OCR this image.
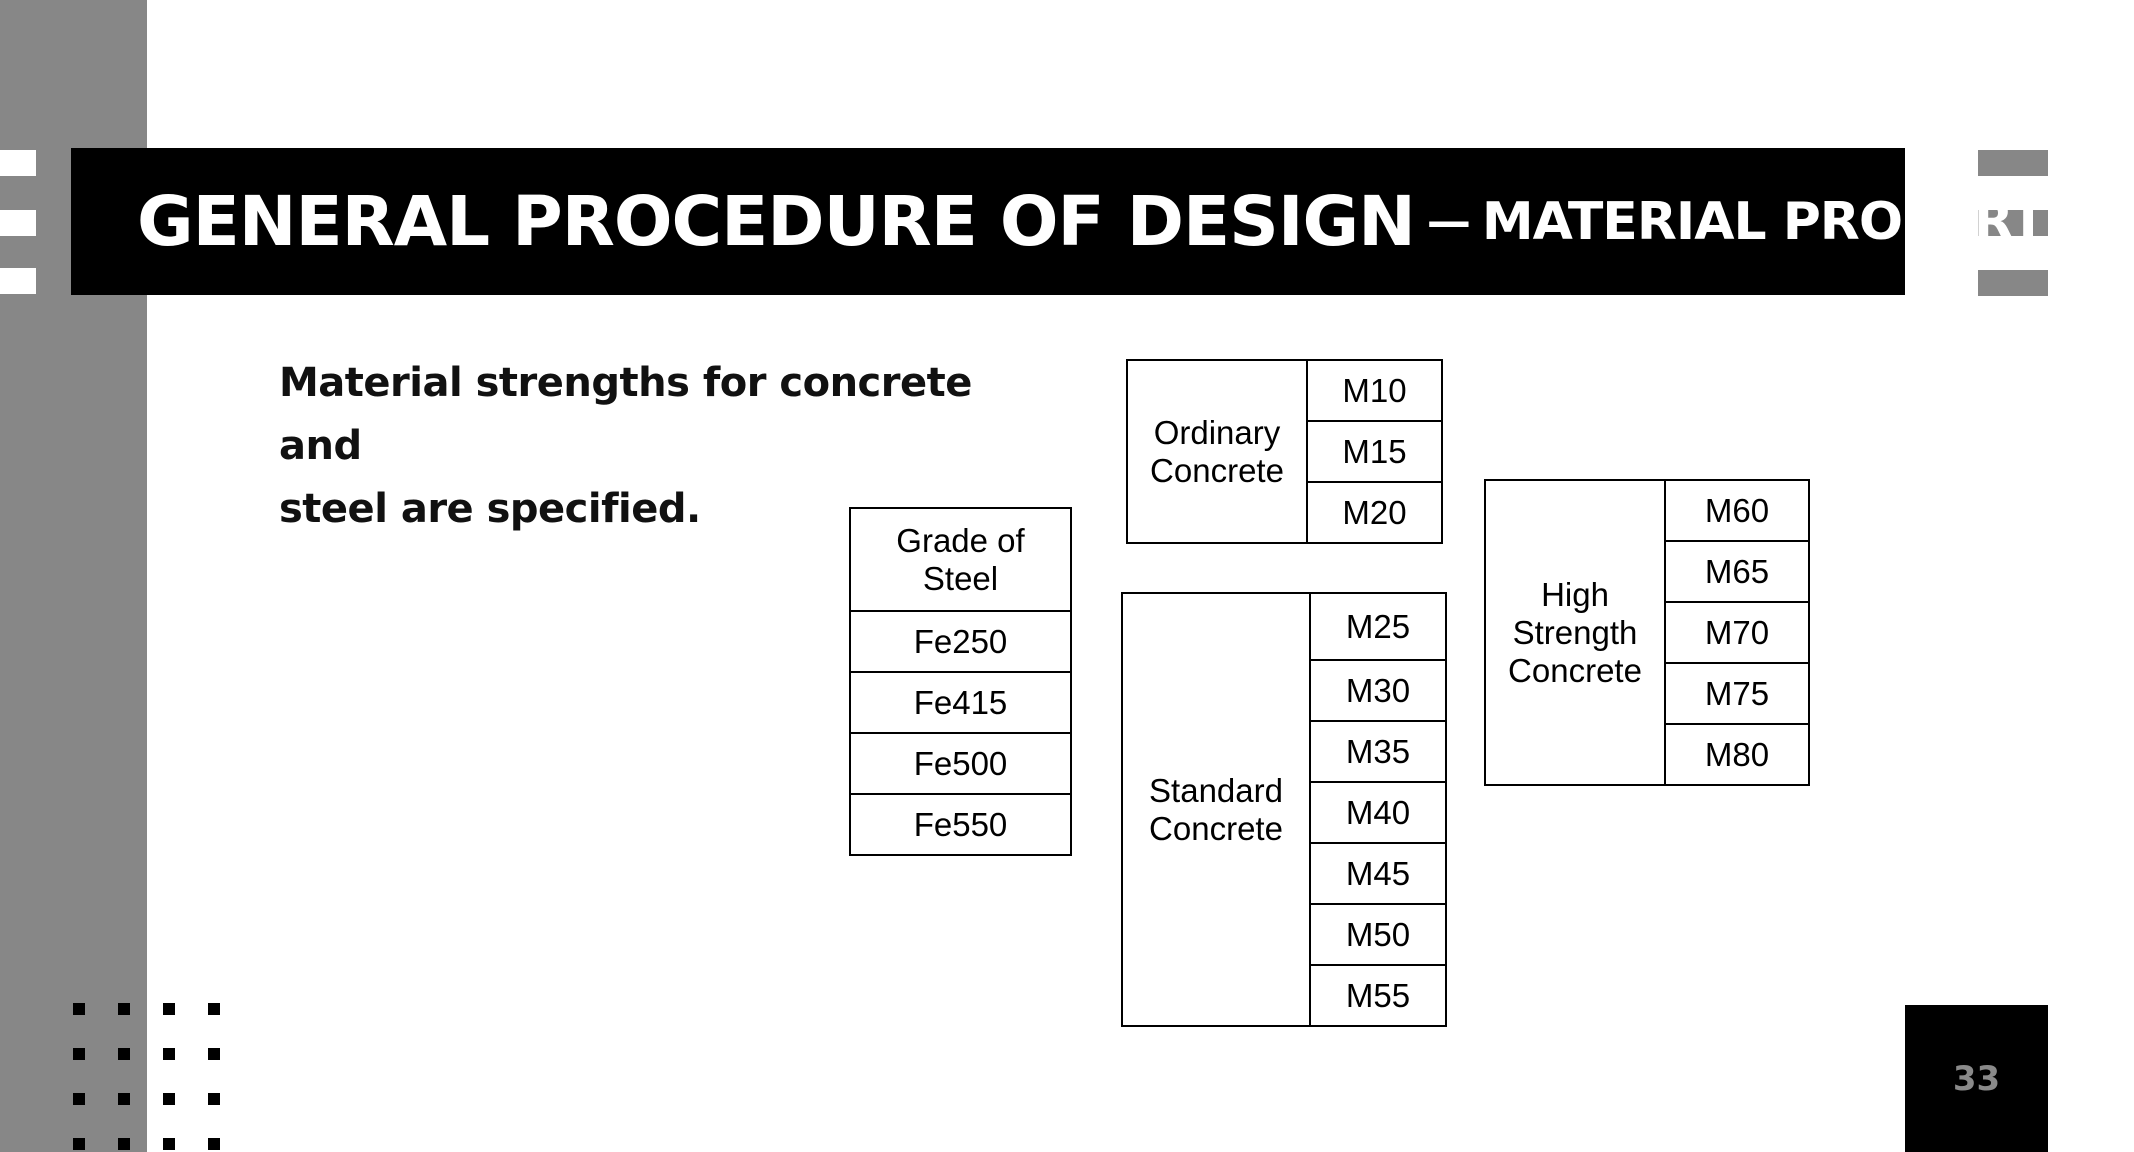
GENERAL PROCEDURE OF DESIGN — MATERIAL PROPERTIES
Material strengths for concrete and
steel are specified.
Grade of
Steel

Fe250
Fe415
Fe500
Fe550
Ordinary
Concrete
	M10
M15
M20
Standard
Concrete
	M25
M30
M35
M40
M45
M50
M55
High
Strength
Concrete
	M60
M65
M70
M75
M80
33
